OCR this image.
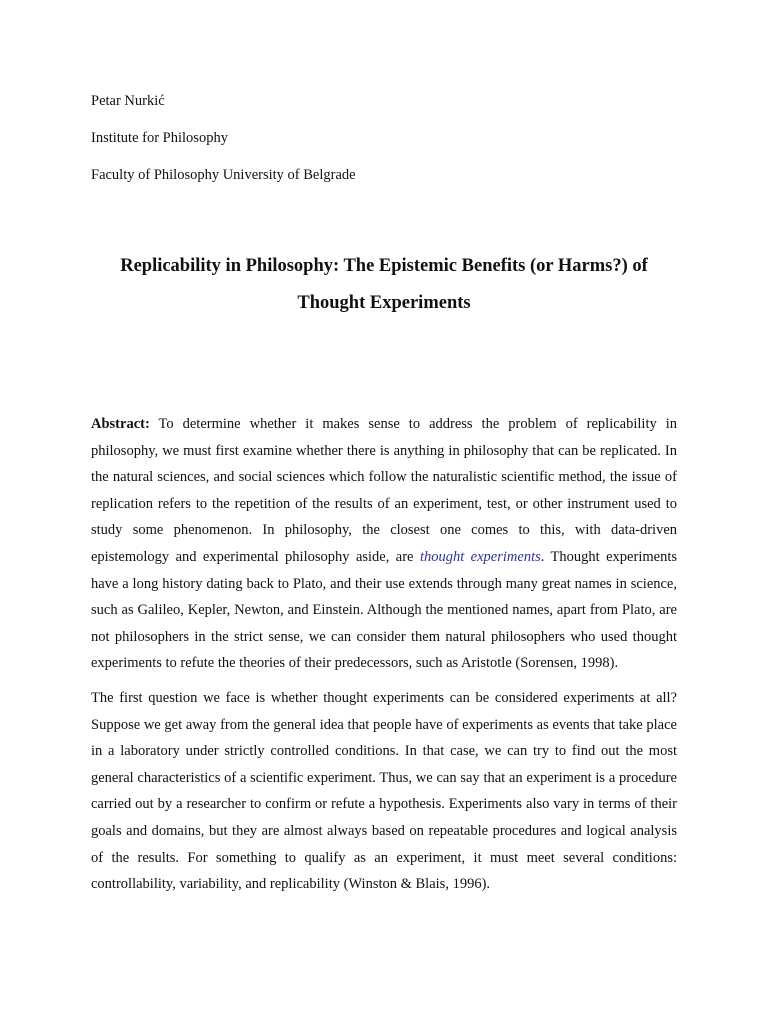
Petar Nurkić

Institute for Philosophy

Faculty of Philosophy University of Belgrade

Replicability in Philosophy: The Epistemic Benefits (or Harms?) of
Thought Experiments

Abstract: To determine whether it makes sense to address the problem of replicability in philosophy, we must first examine whether there is anything in philosophy that can be replicated. In the natural sciences, and social sciences which follow the naturalistic scientific method, the issue of replication refers to the repetition of the results of an experiment, test, or other instrument used to study some phenomenon. In philosophy, the closest one comes to this, with data-driven epistemology and experimental philosophy aside, are thought experiments. Thought experiments have a long history dating back to Plato, and their use extends through many great names in science, such as Galileo, Kepler, Newton, and Einstein. Although the mentioned names, apart from Plato, are not philosophers in the strict sense, we can consider them natural philosophers who used thought experiments to refute the theories of their predecessors, such as Aristotle (Sorensen, 1998).

The first question we face is whether thought experiments can be considered experiments at all? Suppose we get away from the general idea that people have of experiments as events that take place in a laboratory under strictly controlled conditions. In that case, we can try to find out the most general characteristics of a scientific experiment. Thus, we can say that an experiment is a procedure carried out by a researcher to confirm or refute a hypothesis. Experiments also vary in terms of their goals and domains, but they are almost always based on repeatable procedures and logical analysis of the results. For something to qualify as an experiment, it must meet several conditions: controllability, variability, and replicability (Winston & Blais, 1996).
